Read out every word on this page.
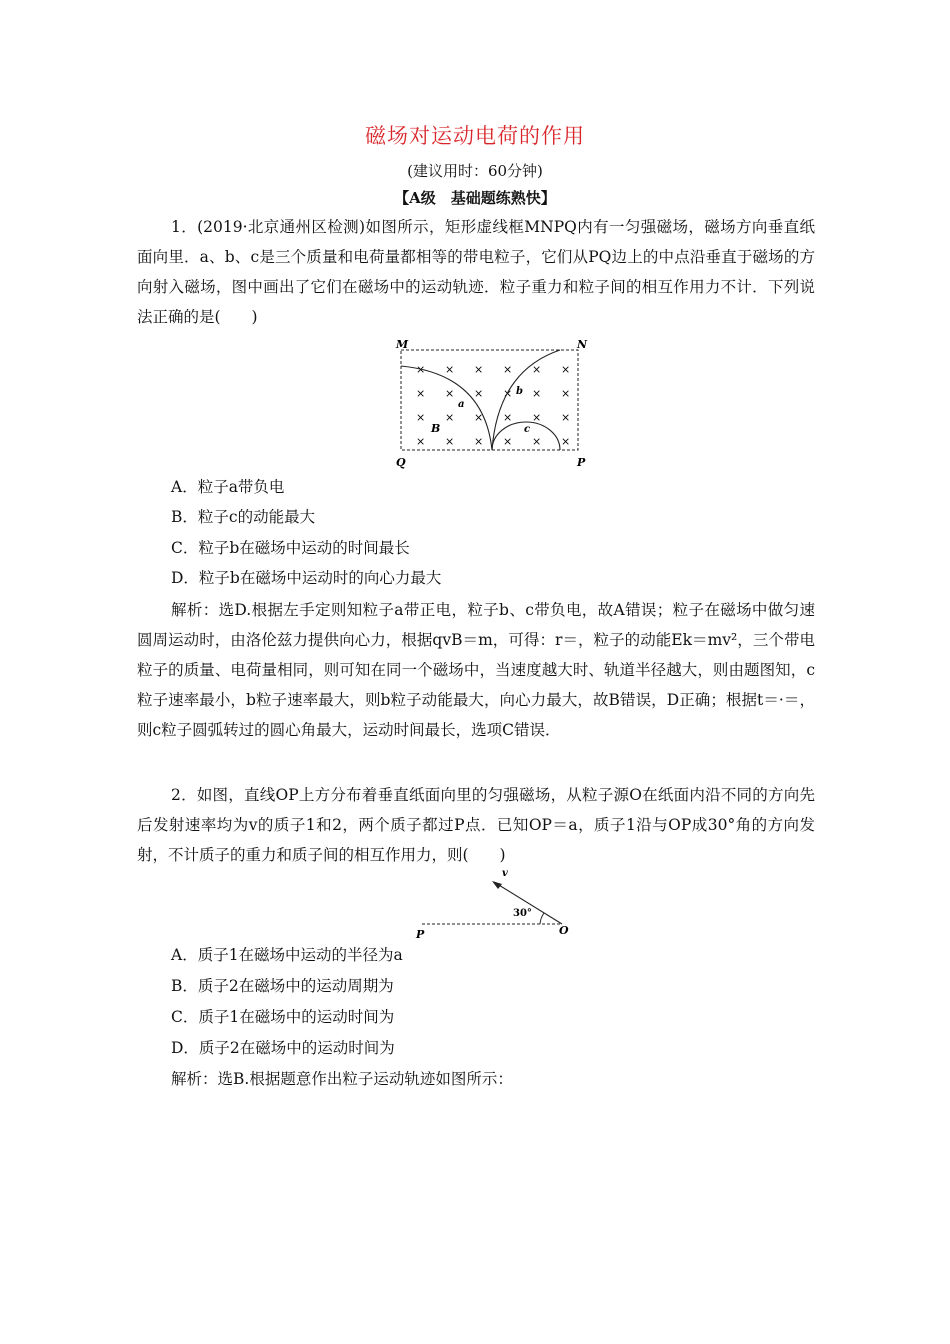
磁场对运动电荷的作用
(建议用时：60分钟)
【A级　基础题练熟快】

1．(2019·北京通州区检测)如图所示，矩形虚线框MNPQ内有一匀强磁场，磁场方向垂直纸面向里．a、b、c是三个质量和电荷量都相等的带电粒子，它们从PQ边上的中点沿垂直于磁场的方向射入磁场，图中画出了它们在磁场中的运动轨迹．粒子重力和粒子间的相互作用力不计．下列说法正确的是(　　)

M	N
Q	P
× × × × × ×
× × × × × ×
× × × × × ×
× × × × × ×
a
b
c
B
A．粒子a带负电
B．粒子c的动能最大
C．粒子b在磁场中运动的时间最长
D．粒子b在磁场中运动时的向心力最大

解析：选D.根据左手定则知粒子a带正电，粒子b、c带负电，故A错误；粒子在磁场中做匀速圆周运动时，由洛伦兹力提供向心力，根据qvB＝m，可得：r＝，粒子的动能Ek＝mv²，三个带电粒子的质量、电荷量相同，则可知在同一个磁场中，当速度越大时、轨道半径越大，则由题图知，c粒子速率最小，b粒子速率最大，则b粒子动能最大，向心力最大，故B错误，D正确；根据t＝·＝，则c粒子圆弧转过的圆心角最大，运动时间最长，选项C错误．

2．如图，直线OP上方分布着垂直纸面向里的匀强磁场，从粒子源O在纸面内沿不同的方向先后发射速率均为v的质子1和2，两个质子都过P点．已知OP＝a，质子1沿与OP成30°角的方向发射，不计质子的重力和质子间的相互作用力，则(　　)

v
30°
P	O
A．质子1在磁场中运动的半径为a
B．质子2在磁场中的运动周期为
C．质子1在磁场中的运动时间为
D．质子2在磁场中的运动时间为

解析：选B.根据题意作出粒子运动轨迹如图所示：
